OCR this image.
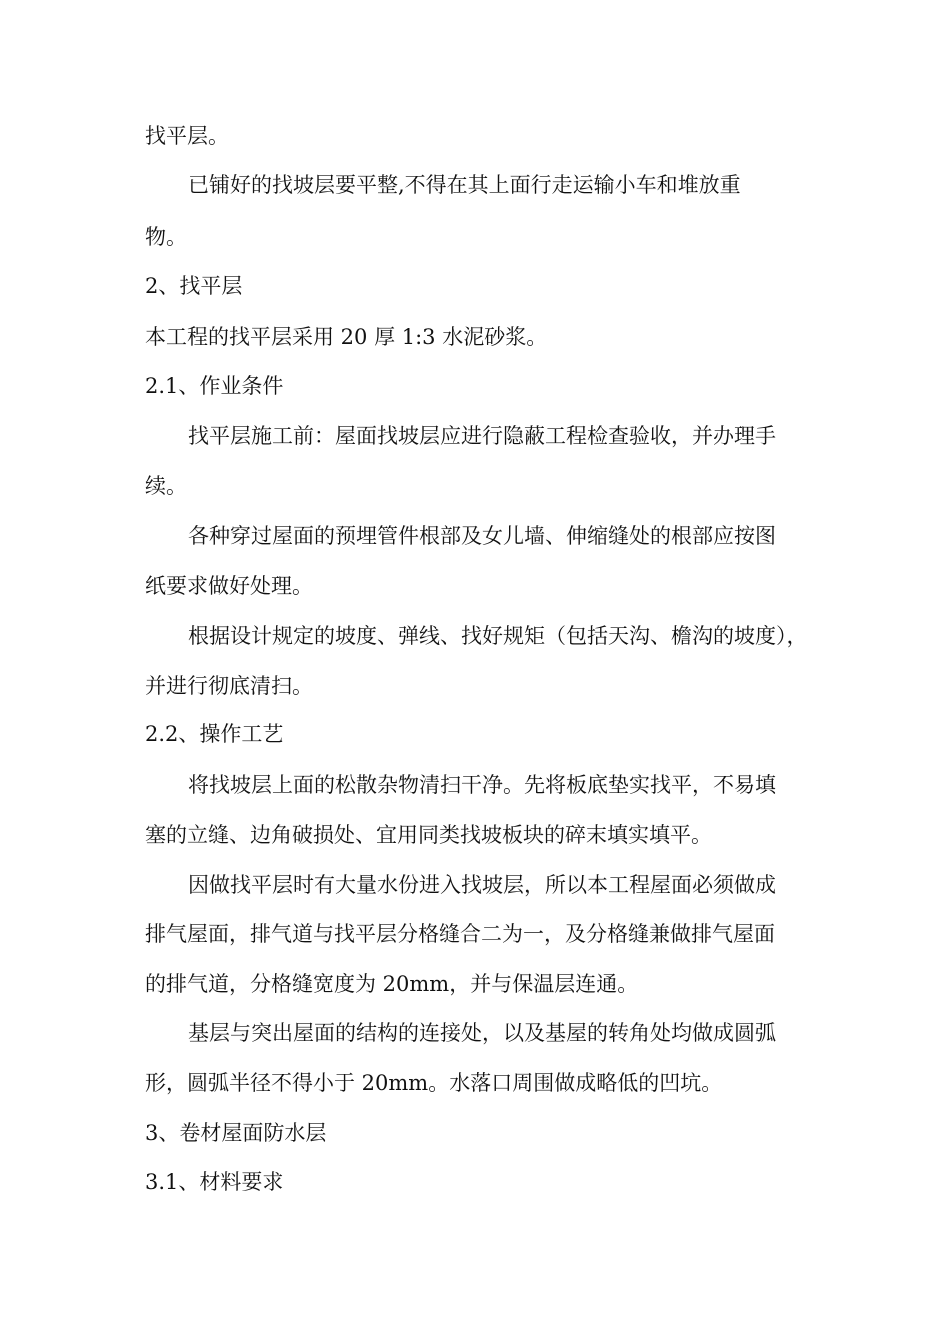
找平层。
已铺好的找坡层要平整,不得在其上面行走运输小车和堆放重
物。
2、找平层
本工程的找平层采用 20 厚 1:3 水泥砂浆。
2.1、作业条件
找平层施工前：屋面找坡层应进行隐蔽工程检查验收，并办理手
续。
各种穿过屋面的预埋管件根部及女儿墙、伸缩缝处的根部应按图
纸要求做好处理。
根据设计规定的坡度、弹线、找好规矩（包括天沟、檐沟的坡度），
并进行彻底清扫。
2.2、操作工艺
将找坡层上面的松散杂物清扫干净。先将板底垫实找平，不易填
塞的立缝、边角破损处、宜用同类找坡板块的碎末填实填平。
因做找平层时有大量水份进入找坡层，所以本工程屋面必须做成
排气屋面，排气道与找平层分格缝合二为一，及分格缝兼做排气屋面
的排气道，分格缝宽度为 20mm，并与保温层连通。
基层与突出屋面的结构的连接处，以及基屋的转角处均做成圆弧
形，圆弧半径不得小于 20mm。水落口周围做成略低的凹坑。
3、卷材屋面防水层
3.1、材料要求
